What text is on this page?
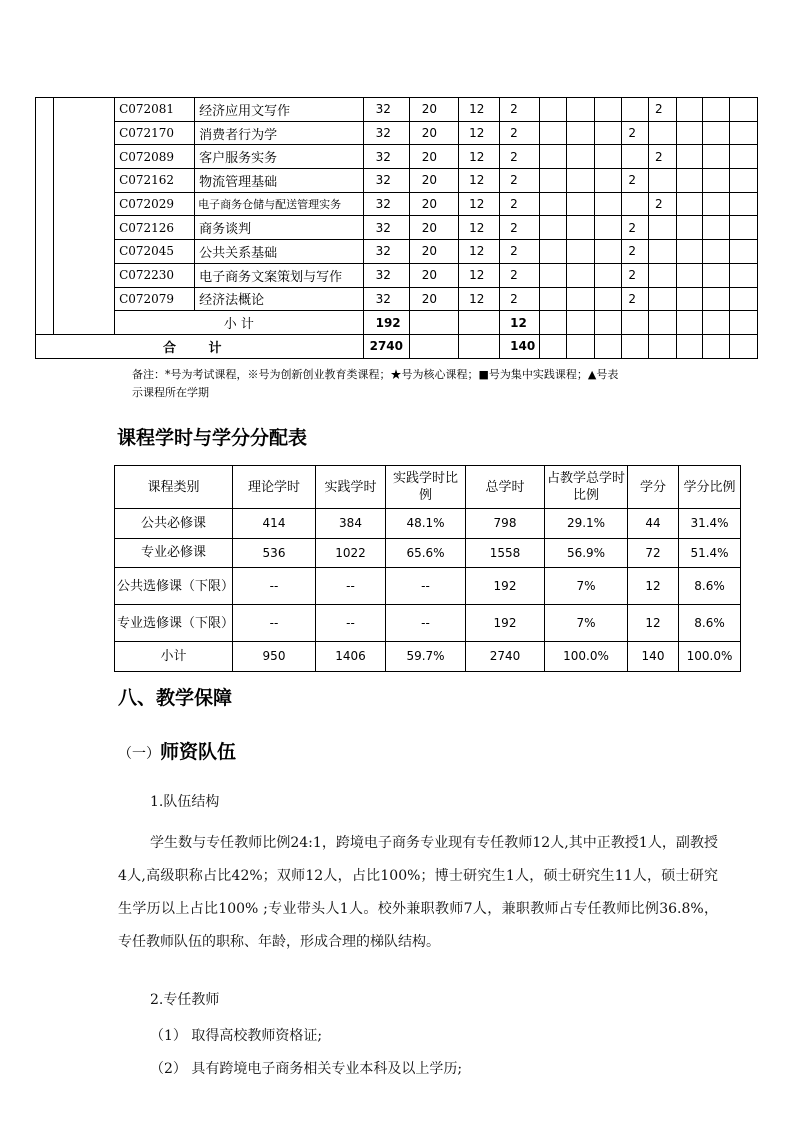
		C072081	经济应用文写作	32	20	12	2					2			
		C072170	消费者行为学	32	20	12	2				2				
		C072089	客户服务实务	32	20	12	2					2			
		C072162	物流管理基础	32	20	12	2				2				
		C072029	电子商务仓储与配送管理实务	32	20	12	2					2			
		C072126	商务谈判	32	20	12	2				2				
		C072045	公共关系基础	32	20	12	2				2				
		C072230	电子商务文案策划与写作	32	20	12	2				2				
		C072079	经济法概论	32	20	12	2				2				
		小 计		192			12								
合 计				2740			140								
备注：*号为考试课程，※号为创新创业教育类课程；★号为核心课程；■号为集中实践课程；▲号表
示课程所在学期
课程学时与学分分配表
课程类别	理论学时	实践学时	实践学时比例	总学时	占教学总学时比例	学分	学分比例
公共必修课	414	384	48.1%	798	29.1%	44	31.4%
专业必修课	536	1022	65.6%	1558	56.9%	72	51.4%
公共选修课（下限）	--	--	--	192	7%	12	8.6%
专业选修课（下限）	--	--	--	192	7%	12	8.6%
小计	950	1406	59.7%	2740	100.0%	140	100.0%
八、教学保障
（一）师资队伍
1.队伍结构
学生数与专任教师比例24:1，跨境电子商务专业现有专任教师12人,其中正教授1人，副教授4人,高级职称占比42%；双师12人，占比100%；博士研究生1人，硕士研究生11人，硕士研究生学历以上占比100% ;专业带头人1人。校外兼职教师7人，兼职教师占专任教师比例36.8%，专任教师队伍的职称、年龄，形成合理的梯队结构。
2.专任教师
（1） 取得高校教师资格证;
（2） 具有跨境电子商务相关专业本科及以上学历;
